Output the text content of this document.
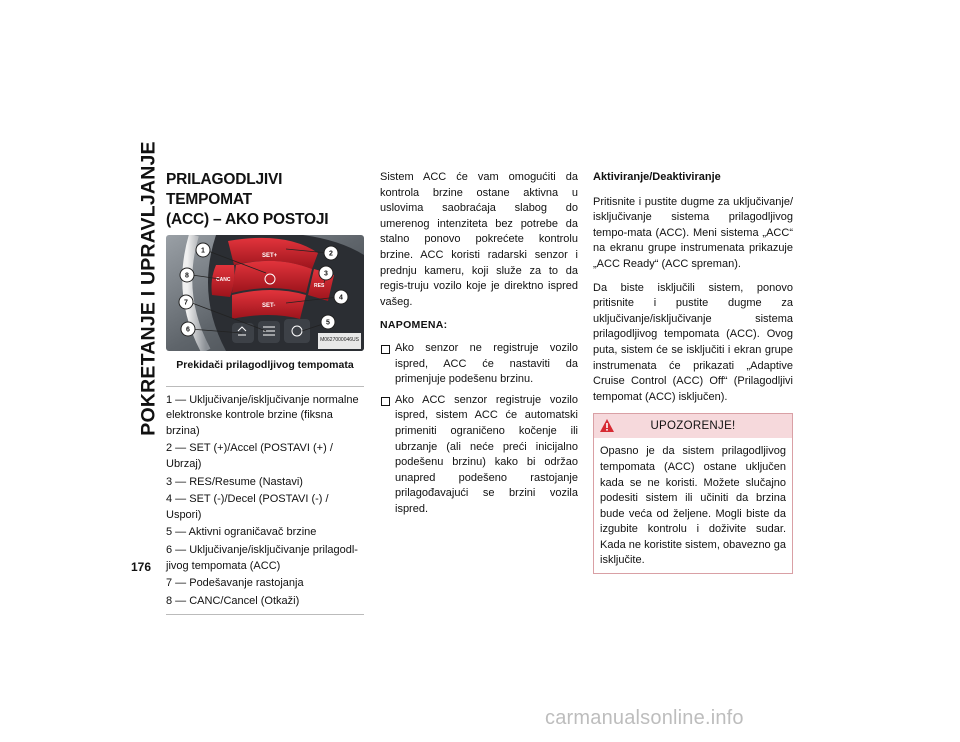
POKRETANJE I UPRAVLJANJE
176
PRILAGODLJIVI TEMPOMAT
(ACC) – AKO POSTOJI
SET+
CANC
RES
SET-
1	2
3
4
5
6
7
8
M0627000046US
Prekidači prilagodljivog tempomata
1 — Uključivanje/isključivanje normalne elektronske kontrole brzine (fiksna brzina)
2 — SET (+)/Accel (POSTAVI (+) / Ubrzaj)
3 — RES/Resume (Nastavi)
4 — SET (-)/Decel (POSTAVI (-) / Uspori)
5 — Aktivni ograničavač brzine
6 — Uključivanje/isključivanje prilagodl-jivog tempomata (ACC)
7 — Podešavanje rastojanja
8 — CANC/Cancel (Otkaži)

Sistem ACC će vam omogućiti da kontrola brzine ostane aktivna u uslovima saobraćaja slabog do umerenog intenziteta bez potrebe da stalno ponovo pokrećete kontrolu brzine. ACC koristi radarski senzor i prednju kameru, koji služe za to da regis-truju vozilo koje je direktno ispred vašeg.

NAPOMENA:
Ako senzor ne registruje vozilo ispred, ACC će nastaviti da primenjuje podešenu brzinu.
Ako ACC senzor registruje vozilo ispred, sistem ACC će automatski primeniti ograničeno kočenje ili ubrzanje (ali neće preći inicijalno podešenu brzinu) kako bi održao unapred podešeno rastojanje prilagođavajući se brzini vozila ispred.
Aktiviranje/Deaktiviranje

Pritisnite i pustite dugme za uključivanje/ isključivanje sistema prilagodljivog tempo-mata (ACC). Meni sistema „ACC“ na ekranu grupe instrumenata prikazuje „ACC Ready“ (ACC spreman).

Da biste isključili sistem, ponovo pritisnite i pustite dugme za uključivanje/isključivanje sistema prilagodljivog tempomata (ACC). Ovog puta, sistem će se isključiti i ekran grupe instrumenata će prikazati „Adaptive Cruise Control (ACC) Off“ (Prilagodljivi tempomat (ACC) isključen).

UPOZORENJE!
Opasno je da sistem prilagodljivog tempomata (ACC) ostane uključen kada se ne koristi. Možete slučajno podesiti sistem ili učiniti da brzina bude veća od željene. Mogli biste da izgubite kontrolu i doživite sudar. Kada ne koristite sistem, obavezno ga isključite.
carmanualsonline.info
